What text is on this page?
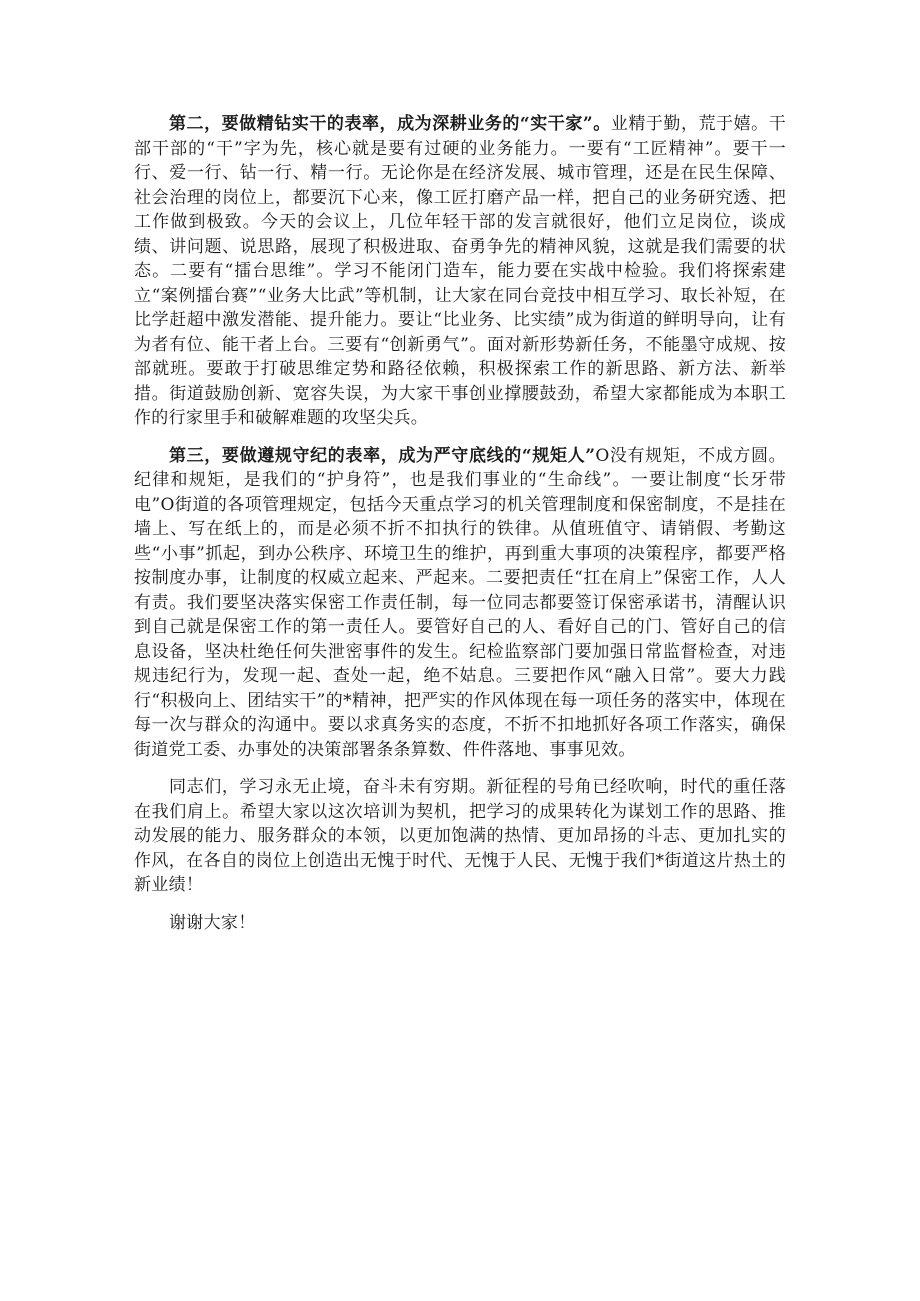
第二，要做精钻实干的表率，成为深耕业务的“实干家”。业精于勤，荒于嬉。干部干部的“干”字为先，核心就是要有过硬的业务能力。一要有“工匠精神”。要干一行、爱一行、钻一行、精一行。无论你是在经济发展、城市管理，还是在民生保障、社会治理的岗位上，都要沉下心来，像工匠打磨产品一样，把自己的业务研究透、把工作做到极致。今天的会议上，几位年轻干部的发言就很好，他们立足岗位，谈成绩、讲问题、说思路，展现了积极进取、奋勇争先的精神风貌，这就是我们需要的状态。二要有“擂台思维”。学习不能闭门造车，能力要在实战中检验。我们将探索建立“案例擂台赛”“业务大比武”等机制，让大家在同台竞技中相互学习、取长补短，在比学赶超中激发潜能、提升能力。要让“比业务、比实绩”成为街道的鲜明导向，让有为者有位、能干者上台。三要有“创新勇气”。面对新形势新任务，不能墨守成规、按部就班。要敢于打破思维定势和路径依赖，积极探索工作的新思路、新方法、新举措。街道鼓励创新、宽容失误，为大家干事创业撑腰鼓劲，希望大家都能成为本职工作的行家里手和破解难题的攻坚尖兵。

第三，要做遵规守纪的表率，成为严守底线的“规矩人”O没有规矩，不成方圆。纪律和规矩，是我们的“护身符”，也是我们事业的“生命线”。一要让制度“长牙带电”O街道的各项管理规定，包括今天重点学习的机关管理制度和保密制度，不是挂在墙上、写在纸上的，而是必须不折不扣执行的铁律。从值班值守、请销假、考勤这些“小事”抓起，到办公秩序、环境卫生的维护，再到重大事项的决策程序，都要严格按制度办事，让制度的权威立起来、严起来。二要把责任“扛在肩上”保密工作，人人有责。我们要坚决落实保密工作责任制，每一位同志都要签订保密承诺书，清醒认识到自己就是保密工作的第一责任人。要管好自己的人、看好自己的门、管好自己的信息设备，坚决杜绝任何失泄密事件的发生。纪检监察部门要加强日常监督检查，对违规违纪行为，发现一起、查处一起，绝不姑息。三要把作风“融入日常”。要大力践行“积极向上、团结实干”的*精神，把严实的作风体现在每一项任务的落实中，体现在每一次与群众的沟通中。要以求真务实的态度，不折不扣地抓好各项工作落实，确保街道党工委、办事处的决策部署条条算数、件件落地、事事见效。

同志们，学习永无止境，奋斗未有穷期。新征程的号角已经吹响，时代的重任落在我们肩上。希望大家以这次培训为契机，把学习的成果转化为谋划工作的思路、推动发展的能力、服务群众的本领，以更加饱满的热情、更加昂扬的斗志、更加扎实的作风，在各自的岗位上创造出无愧于时代、无愧于人民、无愧于我们*街道这片热土的新业绩！

谢谢大家！
